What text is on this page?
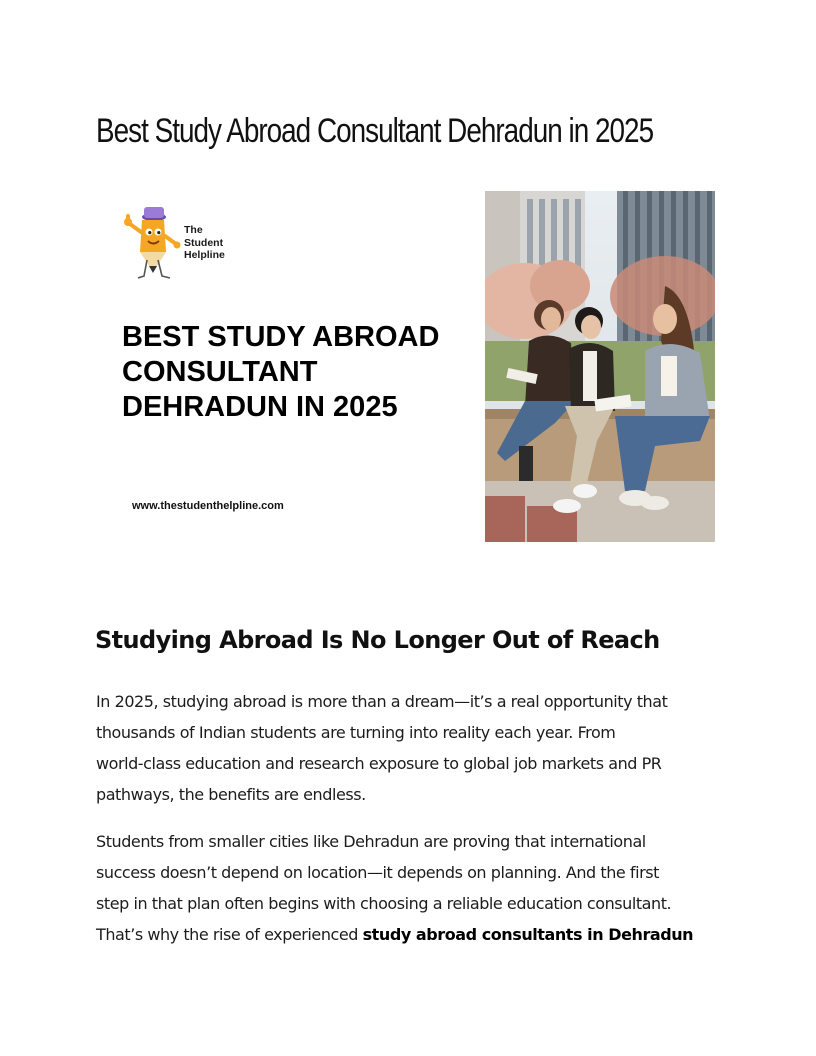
Best Study Abroad Consultant Dehradun in 2025
The
Student
Helpline
BEST STUDY ABROAD
CONSULTANT
DEHRADUN IN 2025
www.thestudenthelpline.com
Studying Abroad Is No Longer Out of Reach

In 2025, studying abroad is more than a dream—it’s a real opportunity that
thousands of Indian students are turning into reality each year. From
world-class education and research exposure to global job markets and PR
pathways, the benefits are endless.

Students from smaller cities like Dehradun are proving that international
success doesn’t depend on location—it depends on planning. And the first
step in that plan often begins with choosing a reliable education consultant.
That’s why the rise of experienced study abroad consultants in Dehradun
